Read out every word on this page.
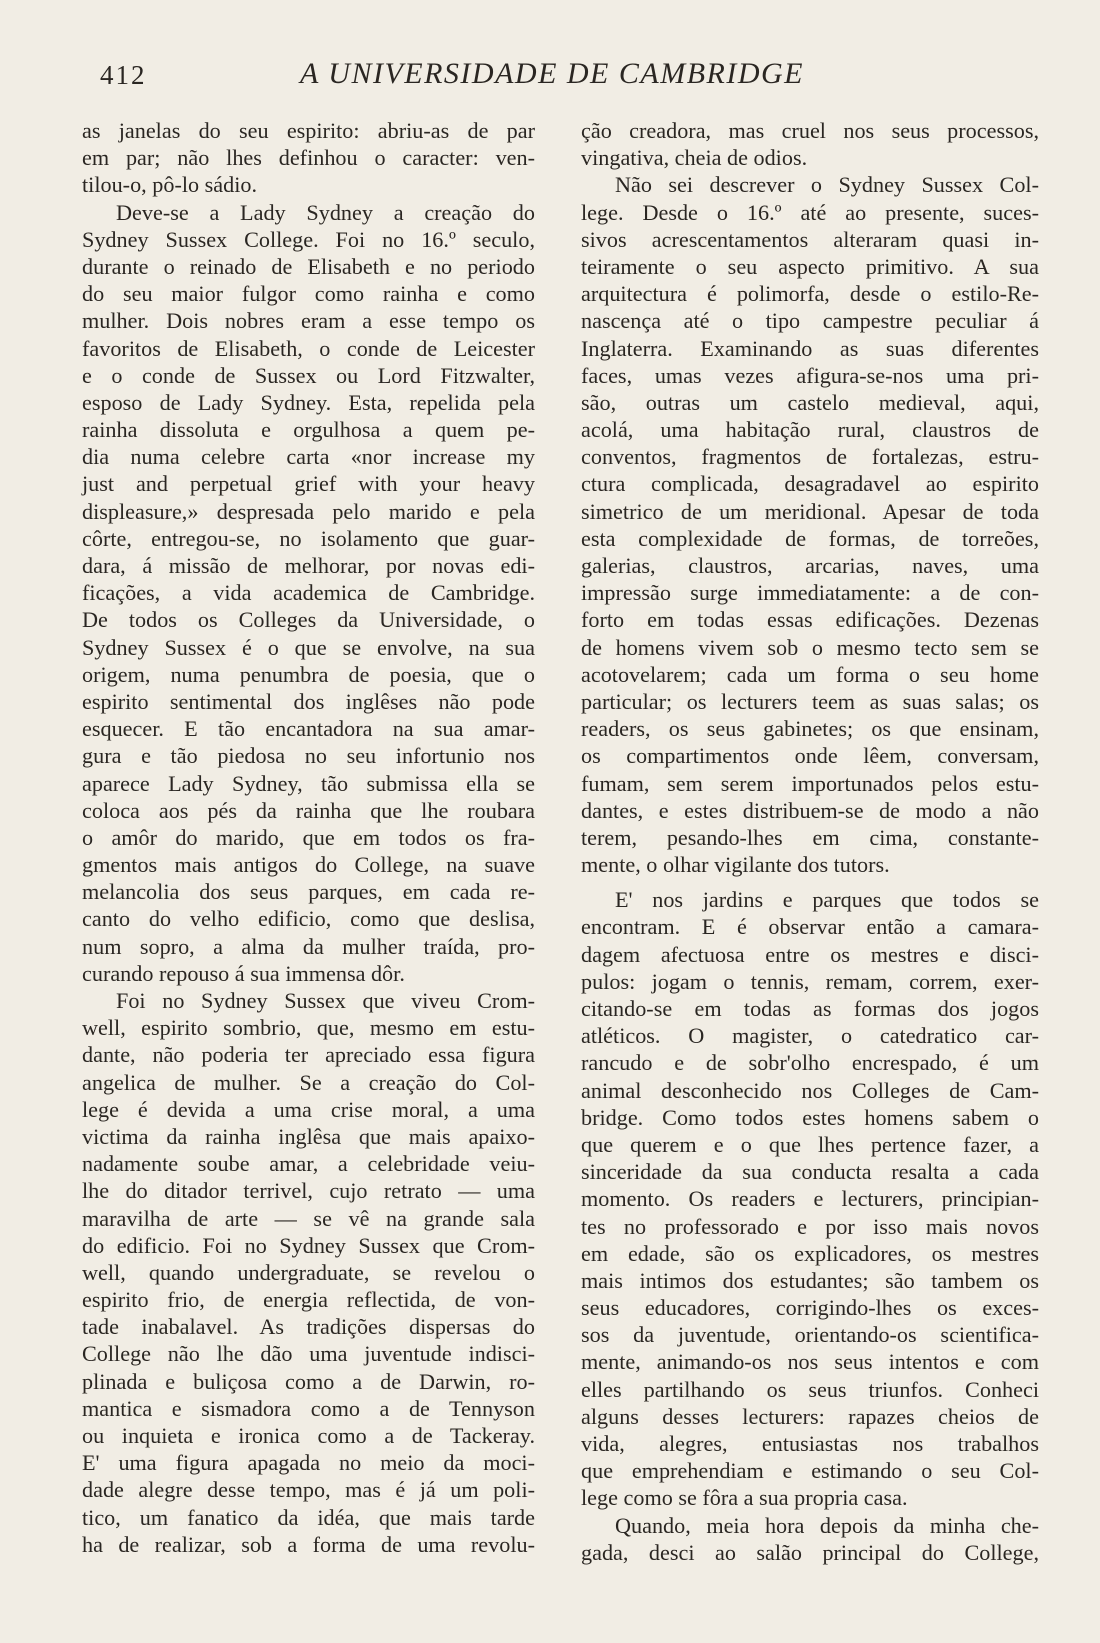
412	A UNIVERSIDADE DE CAMBRIDGE
as janelas do seu espirito: abriu-as de par
em par; não lhes definhou o caracter: ven-
tilou-o, pô-lo sádio.
Deve-se a Lady Sydney a creação do
Sydney Sussex College. Foi no 16.º seculo,
durante o reinado de Elisabeth e no periodo
do seu maior fulgor como rainha e como
mulher. Dois nobres eram a esse tempo os
favoritos de Elisabeth, o conde de Leicester
e o conde de Sussex ou Lord Fitzwalter,
esposo de Lady Sydney. Esta, repelida pela
rainha dissoluta e orgulhosa a quem pe-
dia numa celebre carta «nor increase my
just and perpetual grief with your heavy
displeasure,» despresada pelo marido e pela
côrte, entregou-se, no isolamento que guar-
dara, á missão de melhorar, por novas edi-
ficações, a vida academica de Cambridge.
De todos os Colleges da Universidade, o
Sydney Sussex é o que se envolve, na sua
origem, numa penumbra de poesia, que o
espirito sentimental dos inglêses não pode
esquecer. E tão encantadora na sua amar-
gura e tão piedosa no seu infortunio nos
aparece Lady Sydney, tão submissa ella se
coloca aos pés da rainha que lhe roubara
o amôr do marido, que em todos os fra-
gmentos mais antigos do College, na suave
melancolia dos seus parques, em cada re-
canto do velho edificio, como que deslisa,
num sopro, a alma da mulher traída, pro-
curando repouso á sua immensa dôr.
Foi no Sydney Sussex que viveu Crom-
well, espirito sombrio, que, mesmo em estu-
dante, não poderia ter apreciado essa figura
angelica de mulher. Se a creação do Col-
lege é devida a uma crise moral, a uma
victima da rainha inglêsa que mais apaixo-
nadamente soube amar, a celebridade veiu-
lhe do ditador terrivel, cujo retrato — uma
maravilha de arte — se vê na grande sala
do edificio. Foi no Sydney Sussex que Crom-
well, quando undergraduate, se revelou o
espirito frio, de energia reflectida, de von-
tade inabalavel. As tradições dispersas do
College não lhe dão uma juventude indisci-
plinada e buliçosa como a de Darwin, ro-
mantica e sismadora como a de Tennyson
ou inquieta e ironica como a de Tackeray.
E' uma figura apagada no meio da moci-
dade alegre desse tempo, mas é já um poli-
tico, um fanatico da idéa, que mais tarde
ha de realizar, sob a forma de uma revolu-
ção creadora, mas cruel nos seus processos,
vingativa, cheia de odios.
Não sei descrever o Sydney Sussex Col-
lege. Desde o 16.º até ao presente, suces-
sivos acrescentamentos alteraram quasi in-
teiramente o seu aspecto primitivo. A sua
arquitectura é polimorfa, desde o estilo-Re-
nascença até o tipo campestre peculiar á
Inglaterra. Examinando as suas diferentes
faces, umas vezes afigura-se-nos uma pri-
são, outras um castelo medieval, aqui,
acolá, uma habitação rural, claustros de
conventos, fragmentos de fortalezas, estru-
ctura complicada, desagradavel ao espirito
simetrico de um meridional. Apesar de toda
esta complexidade de formas, de torreões,
galerias, claustros, arcarias, naves, uma
impressão surge immediatamente: a de con-
forto em todas essas edificações. Dezenas
de homens vivem sob o mesmo tecto sem se
acotovelarem; cada um forma o seu home
particular; os lecturers teem as suas salas; os
readers, os seus gabinetes; os que ensinam,
os compartimentos onde lêem, conversam,
fumam, sem serem importunados pelos estu-
dantes, e estes distribuem-se de modo a não
terem, pesando-lhes em cima, constante-
mente, o olhar vigilante dos tutors.
E' nos jardins e parques que todos se
encontram. E é observar então a camara-
dagem afectuosa entre os mestres e disci-
pulos: jogam o tennis, remam, correm, exer-
citando-se em todas as formas dos jogos
atléticos. O magister, o catedratico car-
rancudo e de sobr'olho encrespado, é um
animal desconhecido nos Colleges de Cam-
bridge. Como todos estes homens sabem o
que querem e o que lhes pertence fazer, a
sinceridade da sua conducta resalta a cada
momento. Os readers e lecturers, principian-
tes no professorado e por isso mais novos
em edade, são os explicadores, os mestres
mais intimos dos estudantes; são tambem os
seus educadores, corrigindo-lhes os exces-
sos da juventude, orientando-os scientifica-
mente, animando-os nos seus intentos e com
elles partilhando os seus triunfos. Conheci
alguns desses lecturers: rapazes cheios de
vida, alegres, entusiastas nos trabalhos
que emprehendiam e estimando o seu Col-
lege como se fôra a sua propria casa.
Quando, meia hora depois da minha che-
gada, desci ao salão principal do College,
